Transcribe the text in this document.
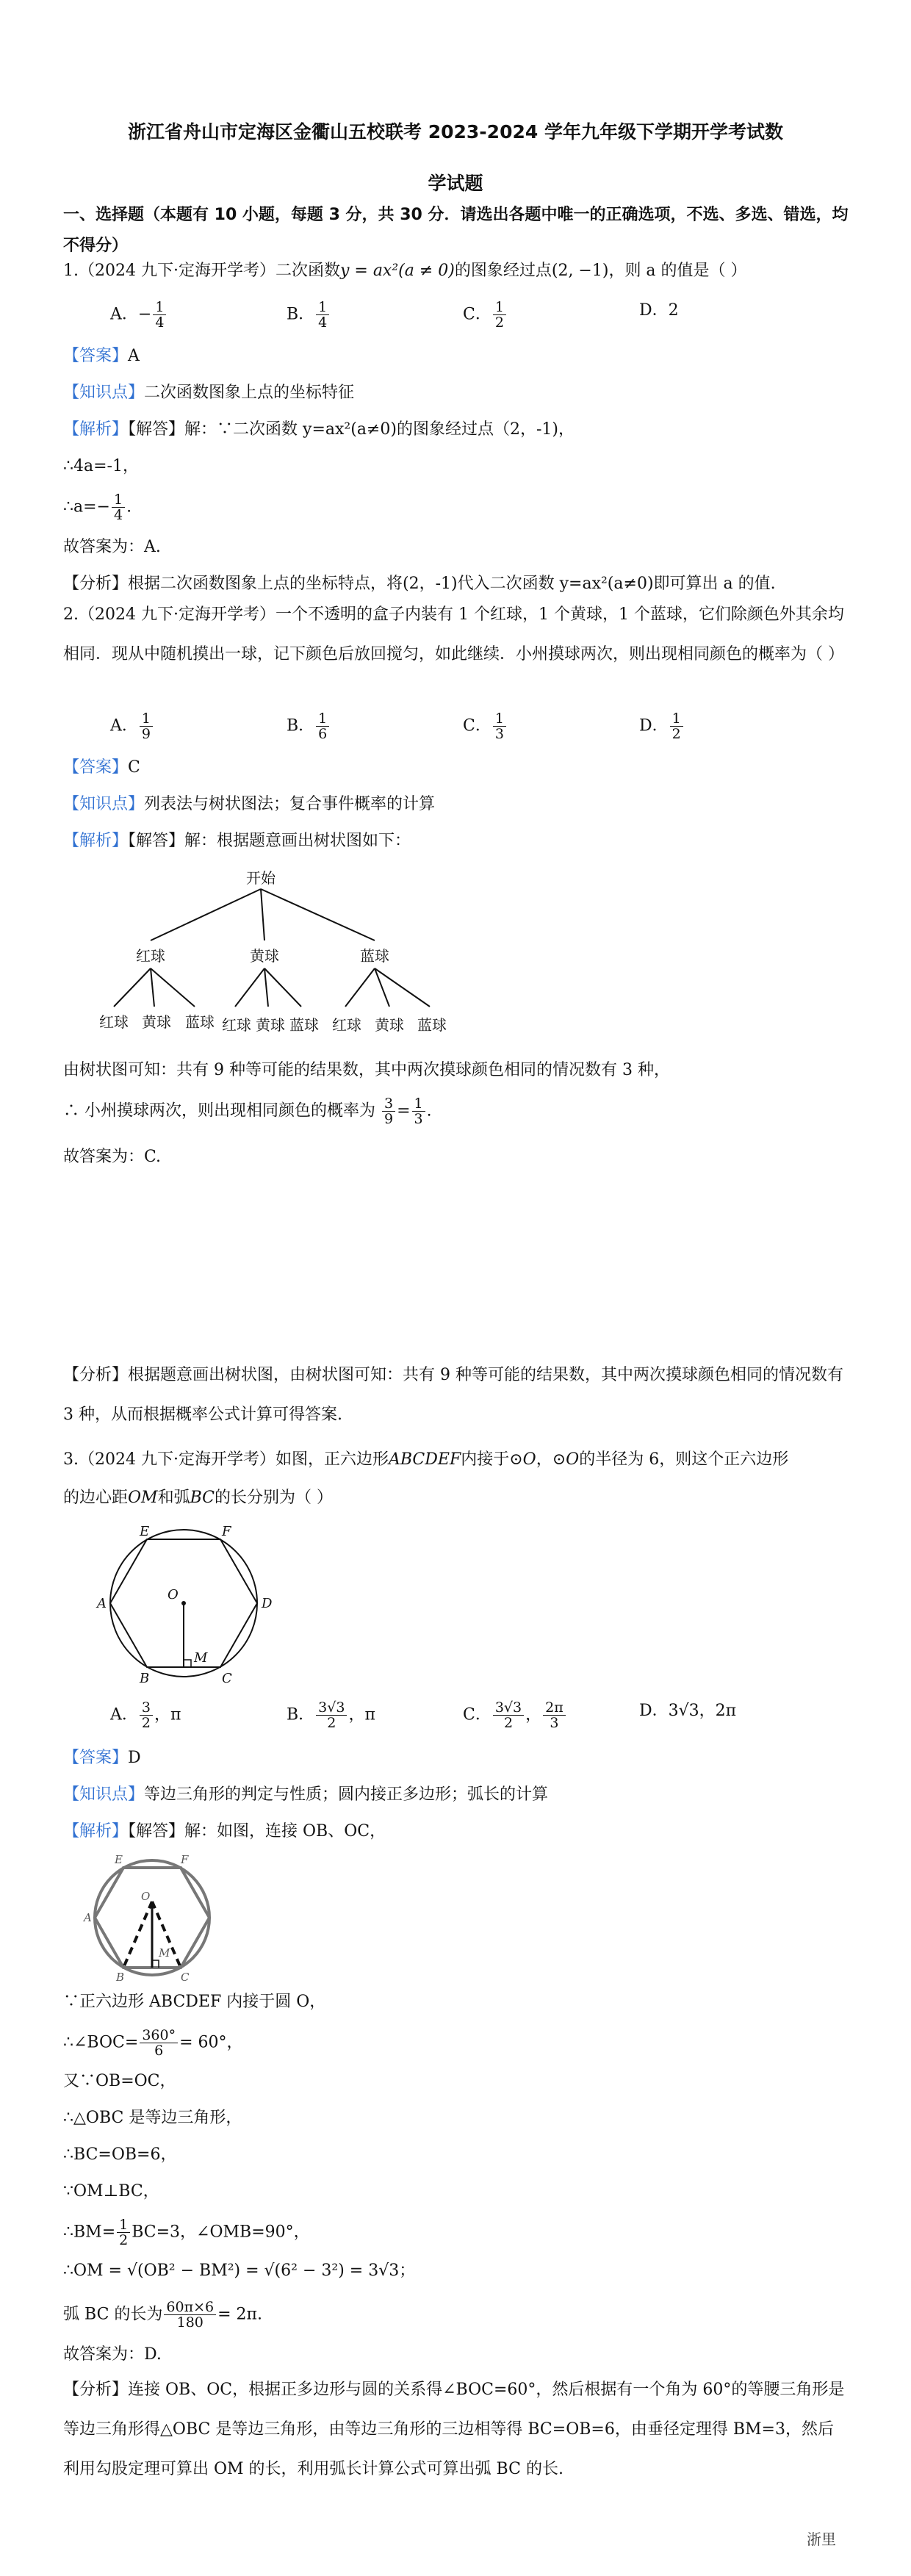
浙江省舟山市定海区金衢山五校联考 2023-2024 学年九年级下学期开学考试数
学试题
一、选择题（本题有 10 小题，每题 3 分，共 30 分．请选出各题中唯一的正确选项，不选、多选、错选，均不得分）
1.（2024 九下·定海开学考）二次函数y = ax²(a ≠ 0)的图象经过点(2, −1)，则 a 的值是（ ）
A．− $\frac{1}{4}$	B． $\frac{1}{4}$	C． $\frac{1}{2}$	D．2
【答案】A
【知识点】二次函数图象上点的坐标特征
【解析】【解答】解：∵二次函数 y=ax²(a≠0)的图象经过点（2，-1)，
∴4a=-1，
∴a=− $\frac{1}{4}$ .
故答案为：A.
【分析】根据二次函数图象上点的坐标特点，将(2，-1)代入二次函数 y=ax²(a≠0)即可算出 a 的值.
2.（2024 九下·定海开学考）一个不透明的盒子内装有 1 个红球，1 个黄球，1 个蓝球，它们除颜色外其余均相同．现从中随机摸出一球，记下颜色后放回搅匀，如此继续．小州摸球两次，则出现相同颜色的概率为（ ）
A． $\frac{1}{9}$	B． $\frac{1}{6}$	C． $\frac{1}{3}$	D． $\frac{1}{2}$
【答案】C
【知识点】列表法与树状图法；复合事件概率的计算
【解析】【解答】解：根据题意画出树状图如下：
开始
红球	黄球	蓝球
红球 黄球 蓝球 红球 黄球 蓝球 红球 黄球 蓝球
由树状图可知：共有 9 种等可能的结果数，其中两次摸球颜色相同的情况数有 3 种，
∴ 小州摸球两次，则出现相同颜色的概率为 $\frac{3}{9} = \frac{1}{3}$ .
故答案为：C.
【分析】根据题意画出树状图，由树状图可知：共有 9 种等可能的结果数，其中两次摸球颜色相同的情况数有 3 种，从而根据概率公式计算可得答案.
3.（2024 九下·定海开学考）如图，正六边形ABCDEF内接于⊙O，⊙O的半径为 6，则这个正六边形
的边心距OM和弧BC的长分别为（ ）
E	F
A
O
D
M
B	C
A． $\frac{3}{2}$ ，π	B． $\frac{3√3}{2}$ ，π	C． $\frac{3√3}{2}$ ， $\frac{2\pi}{3}$	D．3√3，2π
【答案】D
【知识点】等边三角形的判定与性质；圆内接正多边形；弧长的计算
【解析】【解答】解：如图，连接 OB、OC，
E	F
A
O
M
B	C
∵正六边形 ABCDEF 内接于圆 O，
∴∠BOC= $\frac{360^\circ}{6} = 60^\circ$，
又∵OB=OC，
∴△OBC 是等边三角形，
∴BC=OB=6，
∵OM⊥BC，
∴BM= $\frac{1}{2} BC=3$，∠OMB=90°，
∴OM = √(OB² − BM²) = √(6² − 3²) = 3√3；
弧 BC 的长为 $\frac{60\pi\times 6}{180} = 2\pi$.
故答案为：D.
【分析】连接 OB、OC，根据正多边形与圆的关系得∠BOC=60°，然后根据有一个角为 60°的等腰三角形是等边三角形得△OBC 是等边三角形，由等边三角形的三边相等得 BC=OB=6，由垂径定理得 BM=3，然后利用勾股定理可算出 OM 的长，利用弧长计算公式可算出弧 BC 的长.
浙里
